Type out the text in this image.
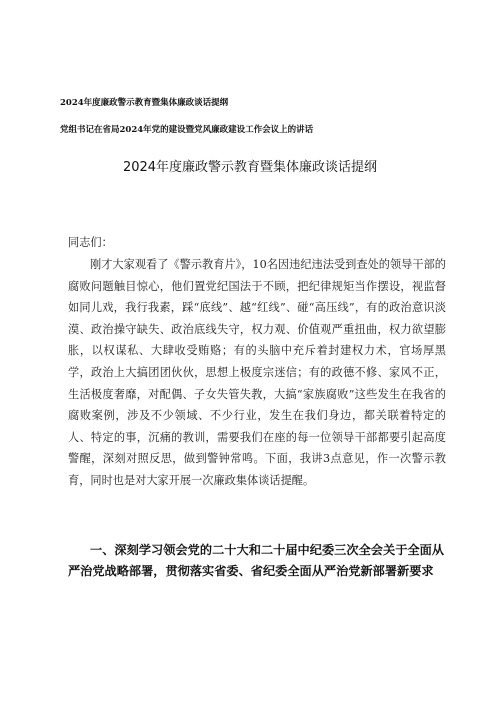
2024年度廉政警示教育暨集体廉政谈话提纲
党组书记在省局2024年党的建设暨党风廉政建设工作会议上的讲话
2024年度廉政警示教育暨集体廉政谈话提纲
同志们：
刚才大家观看了《警示教育片》，10名因违纪违法受到查处的领导干部的腐败问题触目惊心，他们置党纪国法于不顾，把纪律规矩当作摆设，视监督如同儿戏，我行我素，踩“底线”、越“红线”、碰“高压线”，有的政治意识淡漠、政治操守缺失、政治底线失守，权力观、价值观严重扭曲，权力欲望膨胀，以权谋私、大肆收受贿赂；有的头脑中充斥着封建权力术，官场厚黑学，政治上大搞团团伙伙，思想上极度宗迷信；有的政德不修、家风不正，生活极度奢靡，对配偶、子女失管失教，大搞“家族腐败”这些发生在我省的腐败案例，涉及不少领域、不少行业，发生在我们身边，都关联着特定的人、特定的事，沉痛的教训，需要我们在座的每一位领导干部都要引起高度警醒，深刻对照反思，做到警钟常鸣。下面，我讲3点意见，作一次警示教育，同时也是对大家开展一次廉政集体谈话提醒。
一、深刻学习领会党的二十大和二十届中纪委三次全会关于全面从严治党战略部署，贯彻落实省委、省纪委全面从严治党新部署新要求
